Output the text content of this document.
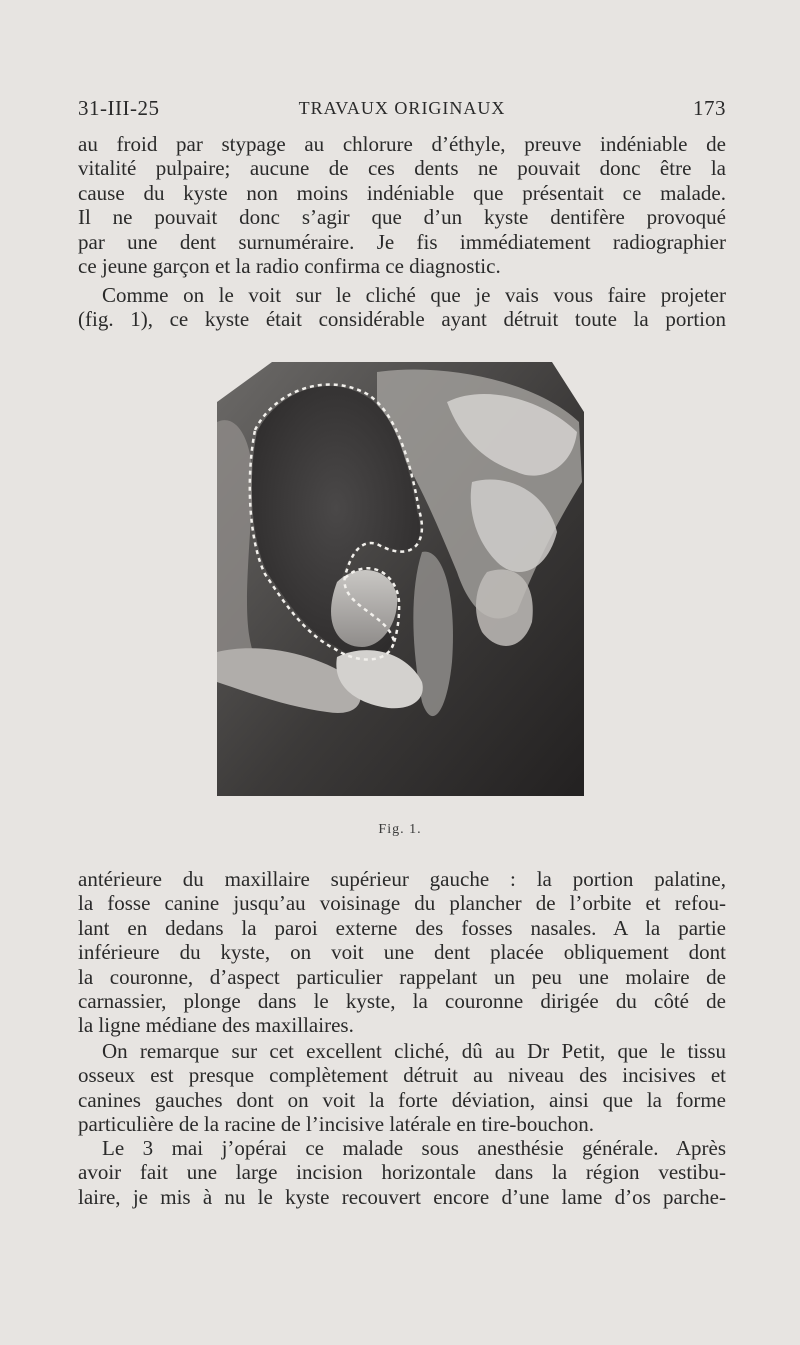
31-III-25	TRAVAUX ORIGINAUX	173
au froid par stypage au chlorure d’éthyle, preuve indéniable de
vitalité pulpaire; aucune de ces dents ne pouvait donc être la
cause du kyste non moins indéniable que présentait ce malade.
Il ne pouvait donc s’agir que d’un kyste dentifère provoqué
par une dent surnuméraire. Je fis immédiatement radiographier
ce jeune garçon et la radio confirma ce diagnostic.
Comme on le voit sur le cliché que je vais vous faire projeter
(fig. 1), ce kyste était considérable ayant détruit toute la portion
Fig. 1.
antérieure du maxillaire supérieur gauche : la portion palatine,
la fosse canine jusqu’au voisinage du plancher de l’orbite et refou-
lant en dedans la paroi externe des fosses nasales. A la partie
inférieure du kyste, on voit une dent placée obliquement dont
la couronne, d’aspect particulier rappelant un peu une molaire de
carnassier, plonge dans le kyste, la couronne dirigée du côté de
la ligne médiane des maxillaires.
On remarque sur cet excellent cliché, dû au Dr Petit, que le tissu
osseux est presque complètement détruit au niveau des incisives et
canines gauches dont on voit la forte déviation, ainsi que la forme
particulière de la racine de l’incisive latérale en tire-bouchon.
Le 3 mai j’opérai ce malade sous anesthésie générale. Après
avoir fait une large incision horizontale dans la région vestibu-
laire, je mis à nu le kyste recouvert encore d’une lame d’os parche-
